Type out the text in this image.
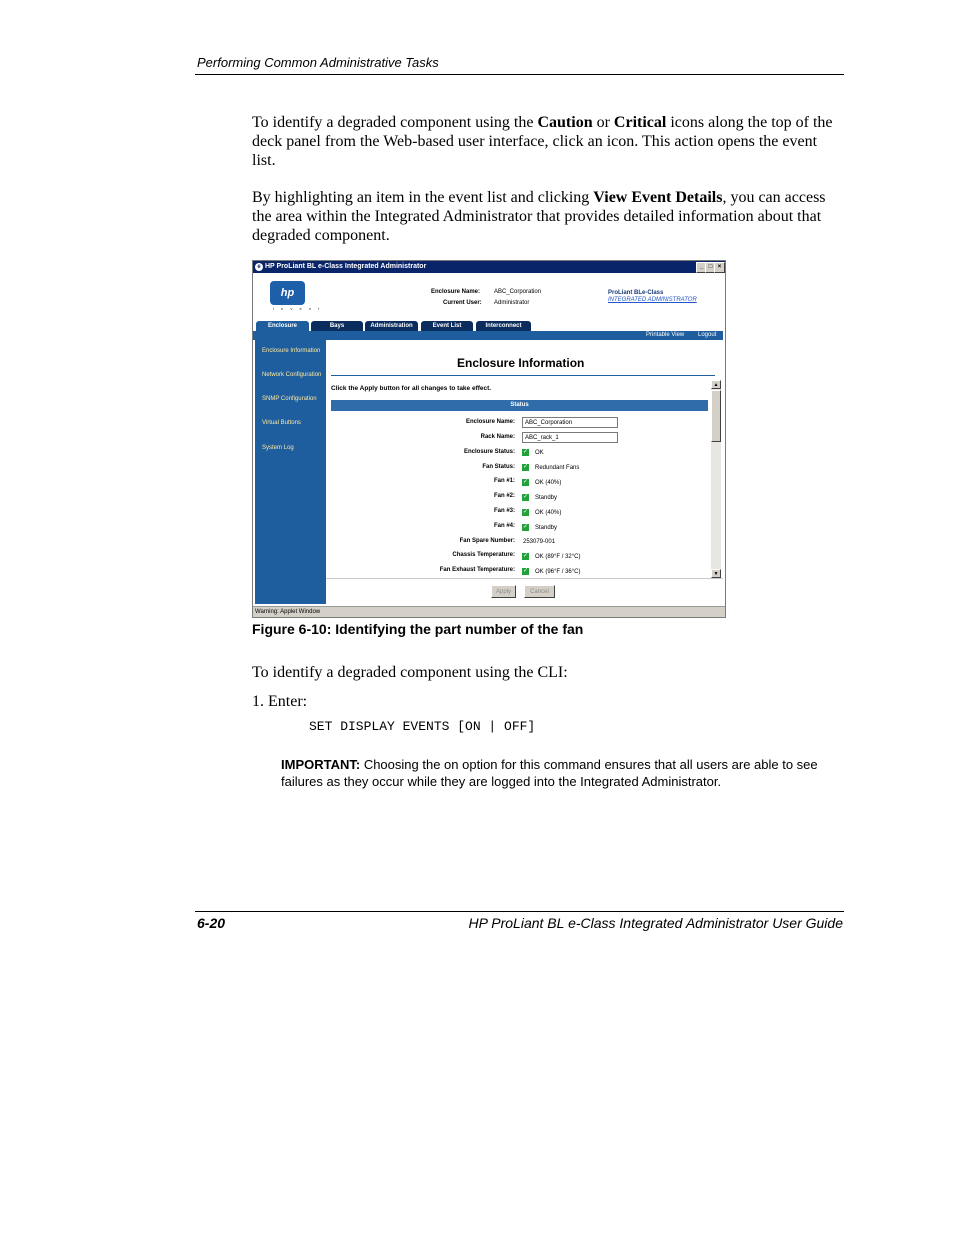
Performing Common Administrative Tasks
To identify a degraded component using the Caution or Critical icons along the top of the deck panel from the Web-based user interface, click an icon. This action opens the event list.
By highlighting an item in the event list and clicking View Event Details, you can access the area within the Integrated Administrator that provides detailed information about that degraded component.
e HP ProLiant BL e-Class Integrated Administrator	_ □ ×
hp
i n v e n t
Enclosure Name: ABC_Corporation
Current User: Administrator
ProLiant BLe-Class
INTEGRATED ADMINISTRATOR
Enclosure	Bays	Administration	Event List	Interconnect
Printable View Logout
Enclosure Information
Network Configuration
SNMP Configuration
Virtual Buttons
System Log
Enclosure Information
Click the Apply button for all changes to take effect.
Status
Enclosure Name:	ABC_Corporation
Rack Name:	ABC_rack_1
Enclosure Status: ✓ OK
Fan Status: ✓ Redundant Fans
Fan #1: ✓ OK (40%)
Fan #2: ✓ Standby
Fan #3: ✓ OK (40%)
Fan #4: ✓ Standby
Fan Spare Number: 253079-001
Chassis Temperature: ✓ OK (89°F / 32°C)
Fan Exhaust Temperature: ✓ OK (96°F / 36°C)
▲
▼
Apply	Cancel
Warning: Applet Window
Figure 6-10: Identifying the part number of the fan
To identify a degraded component using the CLI:
1. Enter:
SET DISPLAY EVENTS [ON | OFF]
IMPORTANT: Choosing the on option for this command ensures that all users are able to see failures as they occur while they are logged into the Integrated Administrator.
6-20	HP ProLiant BL e-Class Integrated Administrator User Guide
